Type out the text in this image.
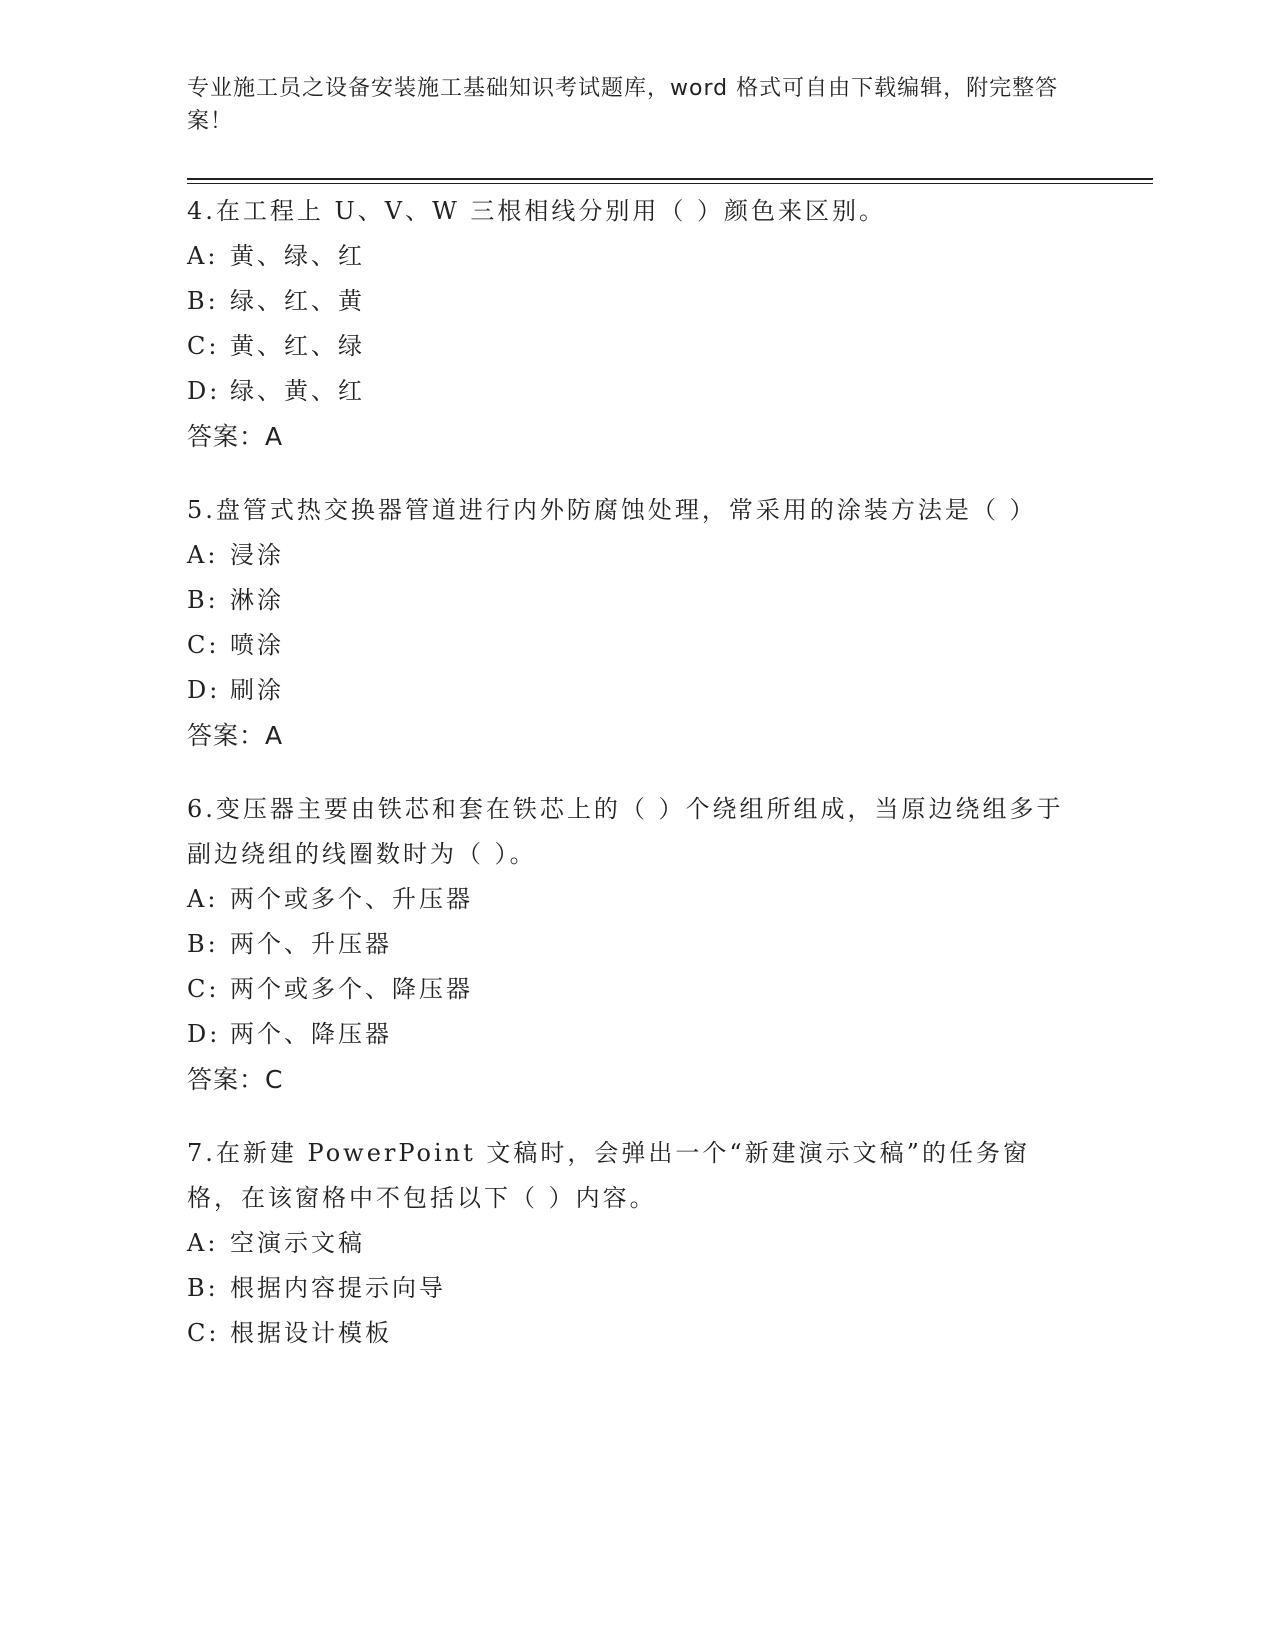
专业施工员之设备安装施工基础知识考试题库，word 格式可自由下载编辑，附完整答案！

4.在工程上 U、V、W 三根相线分别用（ ）颜色来区别。

A: 黄、绿、红

B: 绿、红、黄

C: 黄、红、绿

D: 绿、黄、红

答案：A

5.盘管式热交换器管道进行内外防腐蚀处理，常采用的涂装方法是（ ）

A: 浸涂

B: 淋涂

C: 喷涂

D: 刷涂

答案：A

6.变压器主要由铁芯和套在铁芯上的（ ）个绕组所组成，当原边绕组多于副边绕组的线圈数时为（ ）。

A: 两个或多个、升压器

B: 两个、升压器

C: 两个或多个、降压器

D: 两个、降压器

答案：C

7.在新建 PowerPoint 文稿时，会弹出一个“新建演示文稿”的任务窗格，在该窗格中不包括以下（ ）内容。

A: 空演示文稿

B: 根据内容提示向导

C: 根据设计模板
